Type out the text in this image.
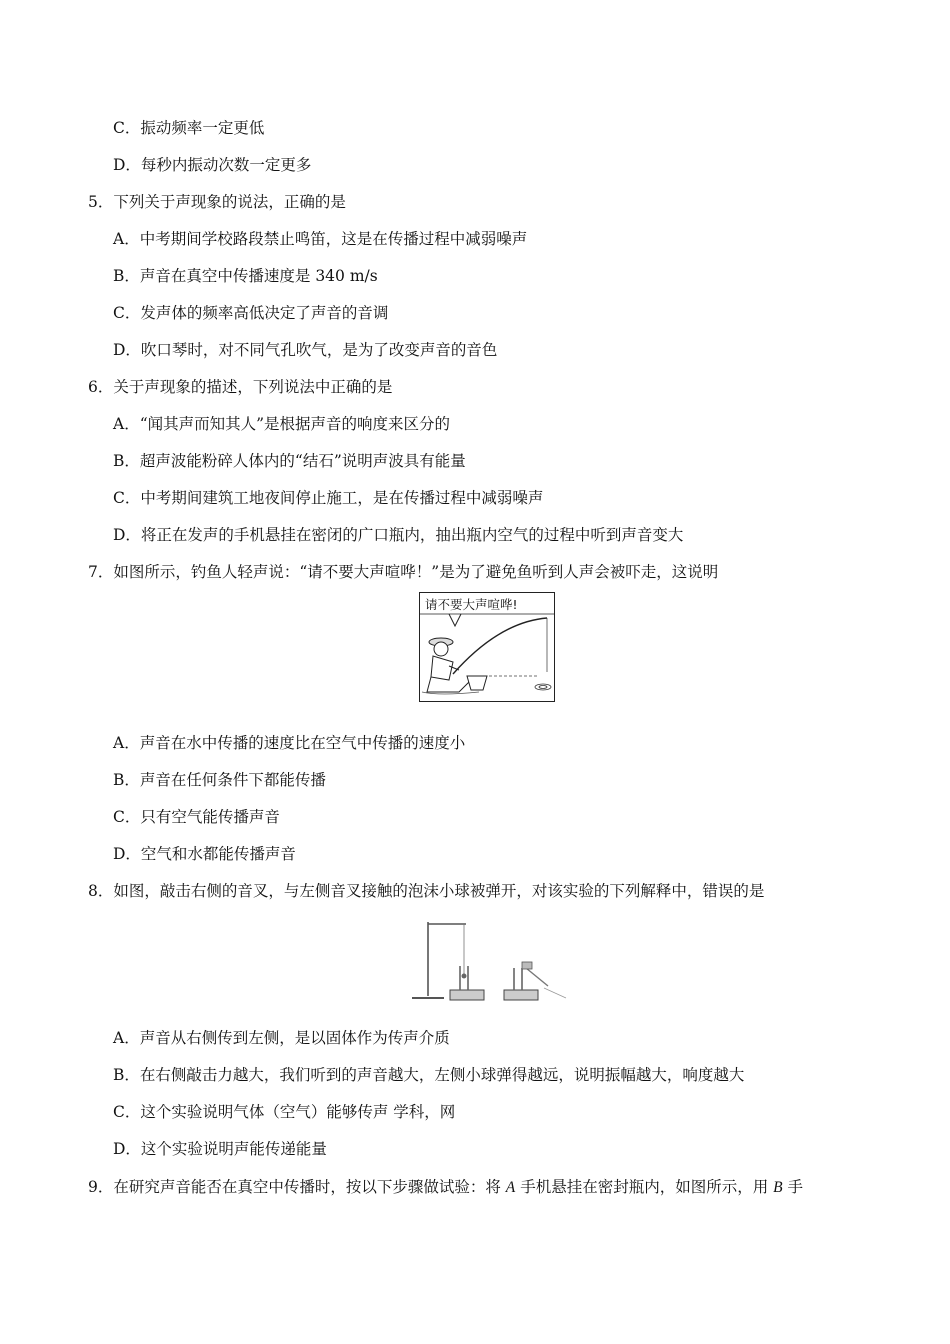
C．振动频率一定更低
D．每秒内振动次数一定更多
5．下列关于声现象的说法，正确的是
A．中考期间学校路段禁止鸣笛，这是在传播过程中减弱噪声
B．声音在真空中传播速度是 340 m/s
C．发声体的频率高低决定了声音的音调
D．吹口琴时，对不同气孔吹气，是为了改变声音的音色
6．关于声现象的描述，下列说法中正确的是
A．“闻其声而知其人”是根据声音的响度来区分的
B．超声波能粉碎人体内的“结石”说明声波具有能量
C．中考期间建筑工地夜间停止施工，是在传播过程中减弱噪声
D．将正在发声的手机悬挂在密闭的广口瓶内，抽出瓶内空气的过程中听到声音变大
7．如图所示，钓鱼人轻声说：“请不要大声喧哗！”是为了避免鱼听到人声会被吓走，这说明
请不要大声喧哗!
A．声音在水中传播的速度比在空气中传播的速度小
B．声音在任何条件下都能传播
C．只有空气能传播声音
D．空气和水都能传播声音
8．如图，敲击右侧的音叉，与左侧音叉接触的泡沫小球被弹开，对该实验的下列解释中，错误的是
A．声音从右侧传到左侧，是以固体作为传声介质
B．在右侧敲击力越大，我们听到的声音越大，左侧小球弹得越远，说明振幅越大，响度越大
C．这个实验说明气体（空气）能够传声 学科，网
D．这个实验说明声能传递能量
9．在研究声音能否在真空中传播时，按以下步骤做试验：将 A 手机悬挂在密封瓶内，如图所示，用 B 手
